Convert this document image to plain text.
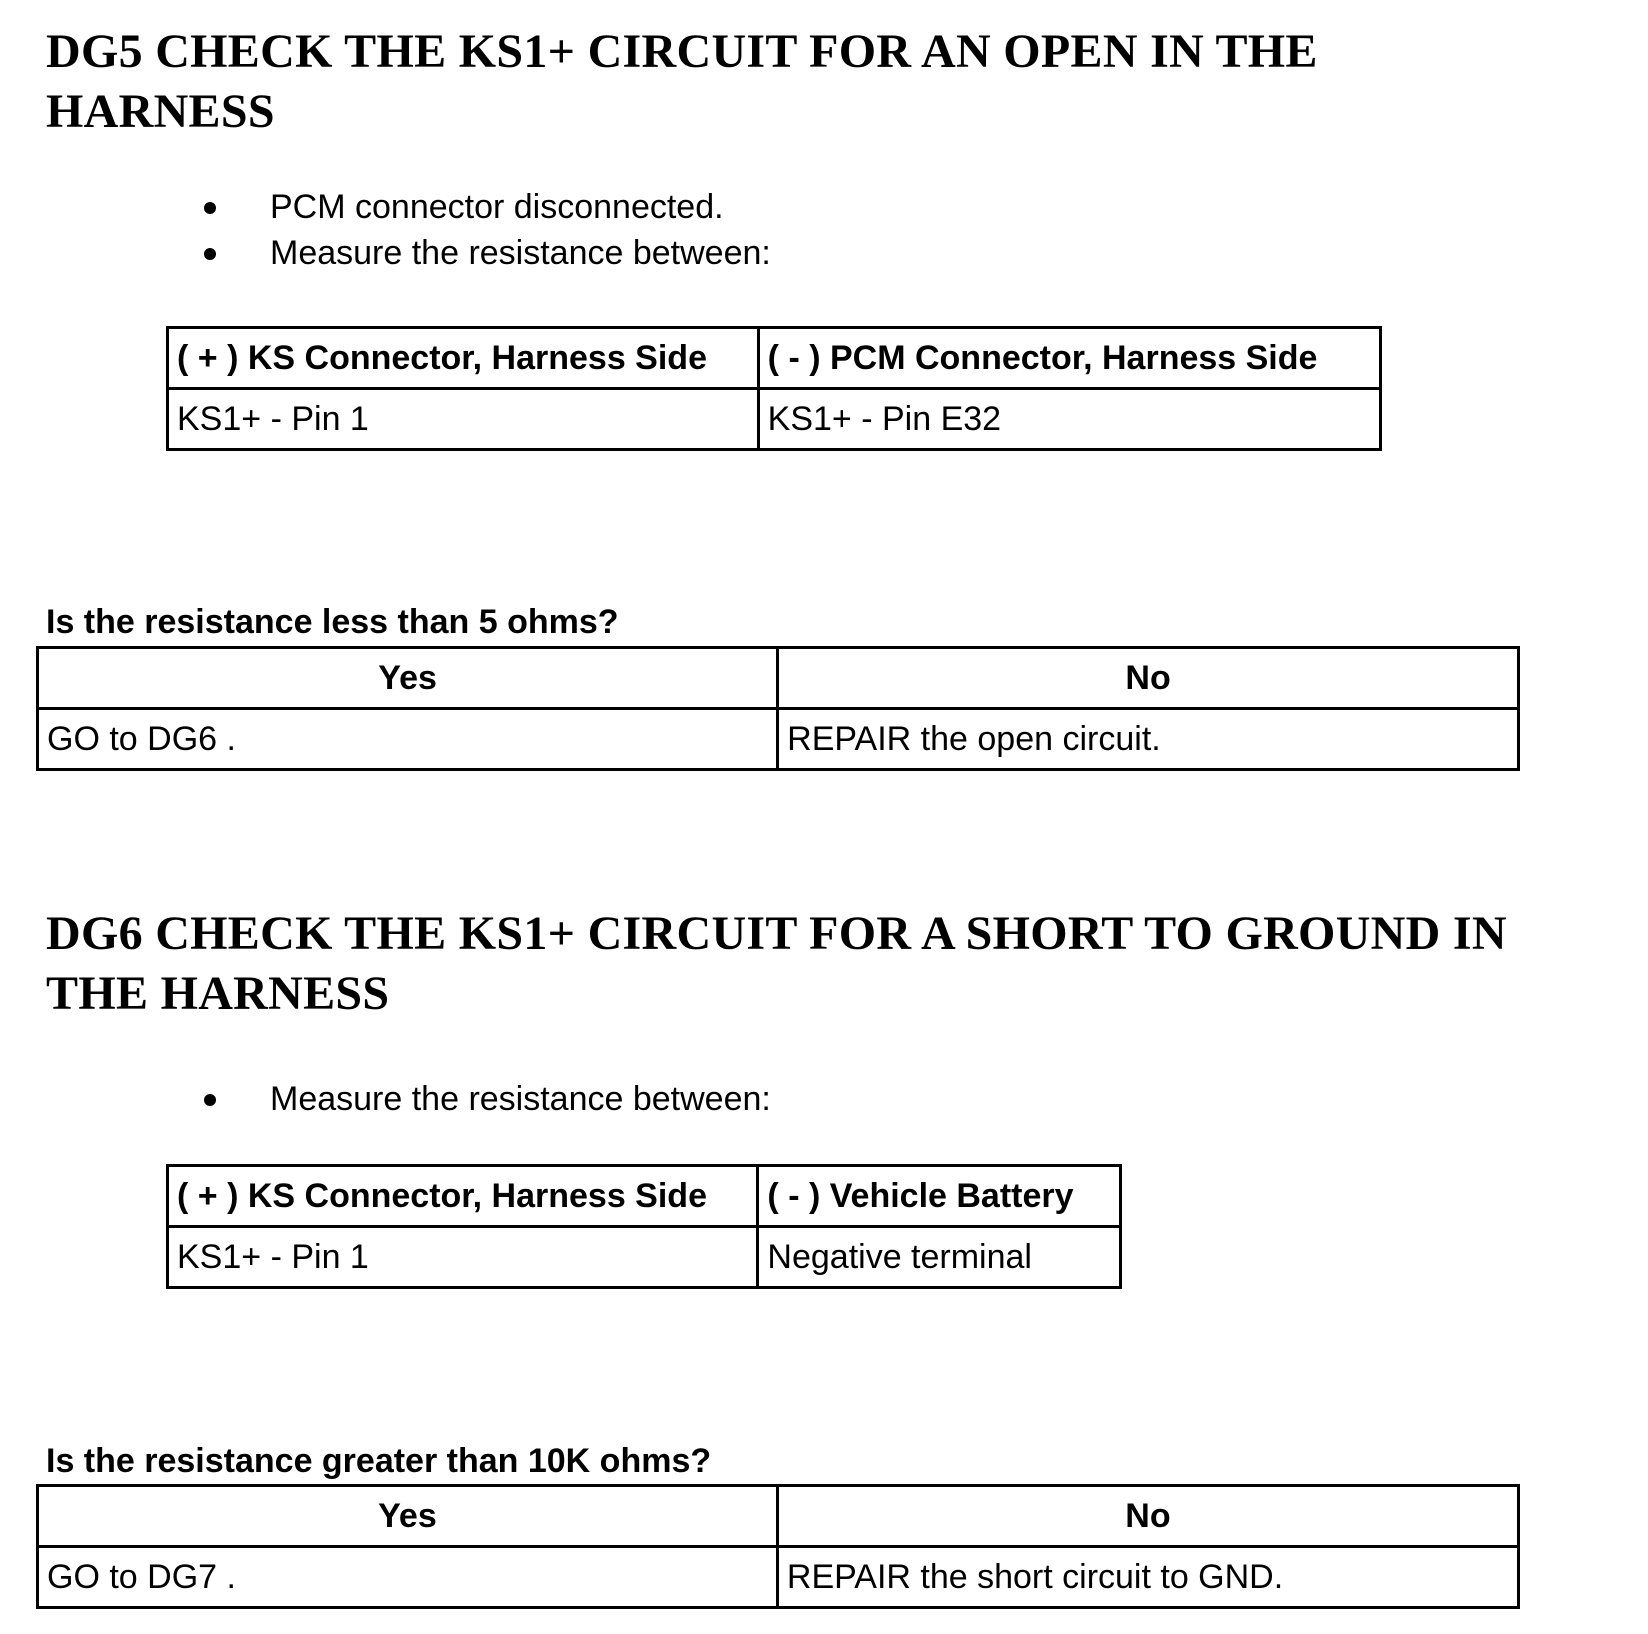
DG5 CHECK THE KS1+ CIRCUIT FOR AN OPEN IN THE
HARNESS
PCM connector disconnected.
Measure the resistance between:
( + ) KS Connector, Harness Side	( - ) PCM Connector, Harness Side
KS1+ - Pin 1	KS1+ - Pin E32

Is the resistance less than 5 ohms?

Yes	No
GO to DG6 .	REPAIR the open circuit.
DG6 CHECK THE KS1+ CIRCUIT FOR A SHORT TO GROUND IN
THE HARNESS
Measure the resistance between:
( + ) KS Connector, Harness Side	( - ) Vehicle Battery
KS1+ - Pin 1	Negative terminal

Is the resistance greater than 10K ohms?

Yes	No
GO to DG7 .	REPAIR the short circuit to GND.
